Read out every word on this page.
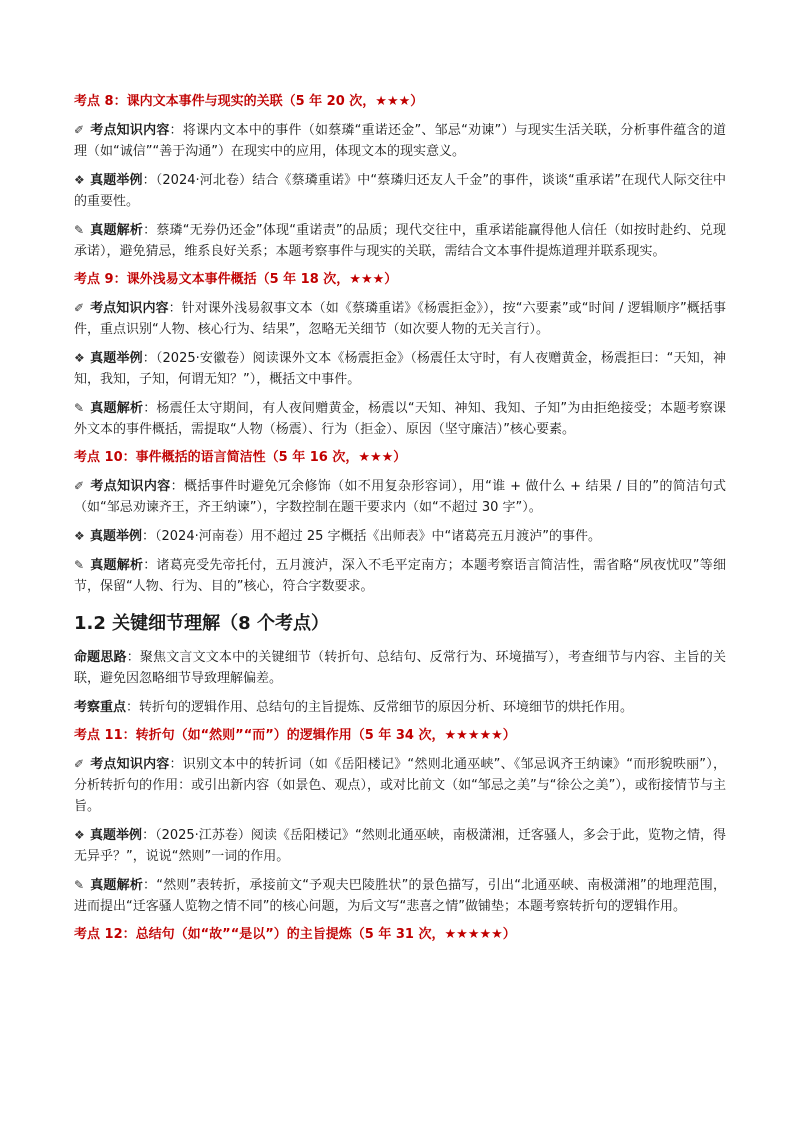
考点 8：课内文本事件与现实的关联（5 年 20 次，★★★）
✐ 考点知识内容：将课内文本中的事件（如蔡璘“重诺还金”、邹忌“劝谏”）与现实生活关联，分析事件蕴含的道理（如“诚信”“善于沟通”）在现实中的应用，体现文本的现实意义。
❖ 真题举例：（2024·河北卷）结合《蔡璘重诺》中“蔡璘归还友人千金”的事件，谈谈“重承诺”在现代人际交往中的重要性。
✎ 真题解析：蔡璘“无券仍还金”体现“重诺责”的品质；现代交往中，重承诺能赢得他人信任（如按时赴约、兑现承诺），避免猜忌，维系良好关系；本题考察事件与现实的关联，需结合文本事件提炼道理并联系现实。
考点 9：课外浅易文本事件概括（5 年 18 次，★★★）
✐ 考点知识内容：针对课外浅易叙事文本（如《蔡璘重诺》《杨震拒金》），按“六要素”或“时间 / 逻辑顺序”概括事件，重点识别“人物、核心行为、结果”，忽略无关细节（如次要人物的无关言行）。
❖ 真题举例：（2025·安徽卷）阅读课外文本《杨震拒金》（杨震任太守时，有人夜赠黄金，杨震拒曰：“天知，神知，我知，子知，何谓无知？”），概括文中事件。
✎ 真题解析：杨震任太守期间，有人夜间赠黄金，杨震以“天知、神知、我知、子知”为由拒绝接受；本题考察课外文本的事件概括，需提取“人物（杨震）、行为（拒金）、原因（坚守廉洁）”核心要素。
考点 10：事件概括的语言简洁性（5 年 16 次，★★★）
✐ 考点知识内容：概括事件时避免冗余修饰（如不用复杂形容词），用“谁 + 做什么 + 结果 / 目的”的简洁句式（如“邹忌劝谏齐王，齐王纳谏”），字数控制在题干要求内（如“不超过 30 字”）。
❖ 真题举例：（2024·河南卷）用不超过 25 字概括《出师表》中“诸葛亮五月渡泸”的事件。
✎ 真题解析：诸葛亮受先帝托付，五月渡泸，深入不毛平定南方；本题考察语言简洁性，需省略“夙夜忧叹”等细节，保留“人物、行为、目的”核心，符合字数要求。
1.2 关键细节理解（8 个考点）
命题思路：聚焦文言文文本中的关键细节（转折句、总结句、反常行为、环境描写），考查细节与内容、主旨的关联，避免因忽略细节导致理解偏差。
考察重点：转折句的逻辑作用、总结句的主旨提炼、反常细节的原因分析、环境细节的烘托作用。
考点 11：转折句（如“然则”“而”）的逻辑作用（5 年 34 次，★★★★★）
✐ 考点知识内容：识别文本中的转折词（如《岳阳楼记》“然则北通巫峡”、《邹忌讽齐王纳谏》“而形貌昳丽”），分析转折句的作用：或引出新内容（如景色、观点），或对比前文（如“邹忌之美”与“徐公之美”），或衔接情节与主旨。
❖ 真题举例：（2025·江苏卷）阅读《岳阳楼记》“然则北通巫峡，南极潇湘，迁客骚人，多会于此，览物之情，得无异乎？”，说说“然则”一词的作用。
✎ 真题解析：“然则”表转折，承接前文“予观夫巴陵胜状”的景色描写，引出“北通巫峡、南极潇湘”的地理范围，进而提出“迁客骚人览物之情不同”的核心问题，为后文写“悲喜之情”做铺垫；本题考察转折句的逻辑作用。
考点 12：总结句（如“故”“是以”）的主旨提炼（5 年 31 次，★★★★★）
